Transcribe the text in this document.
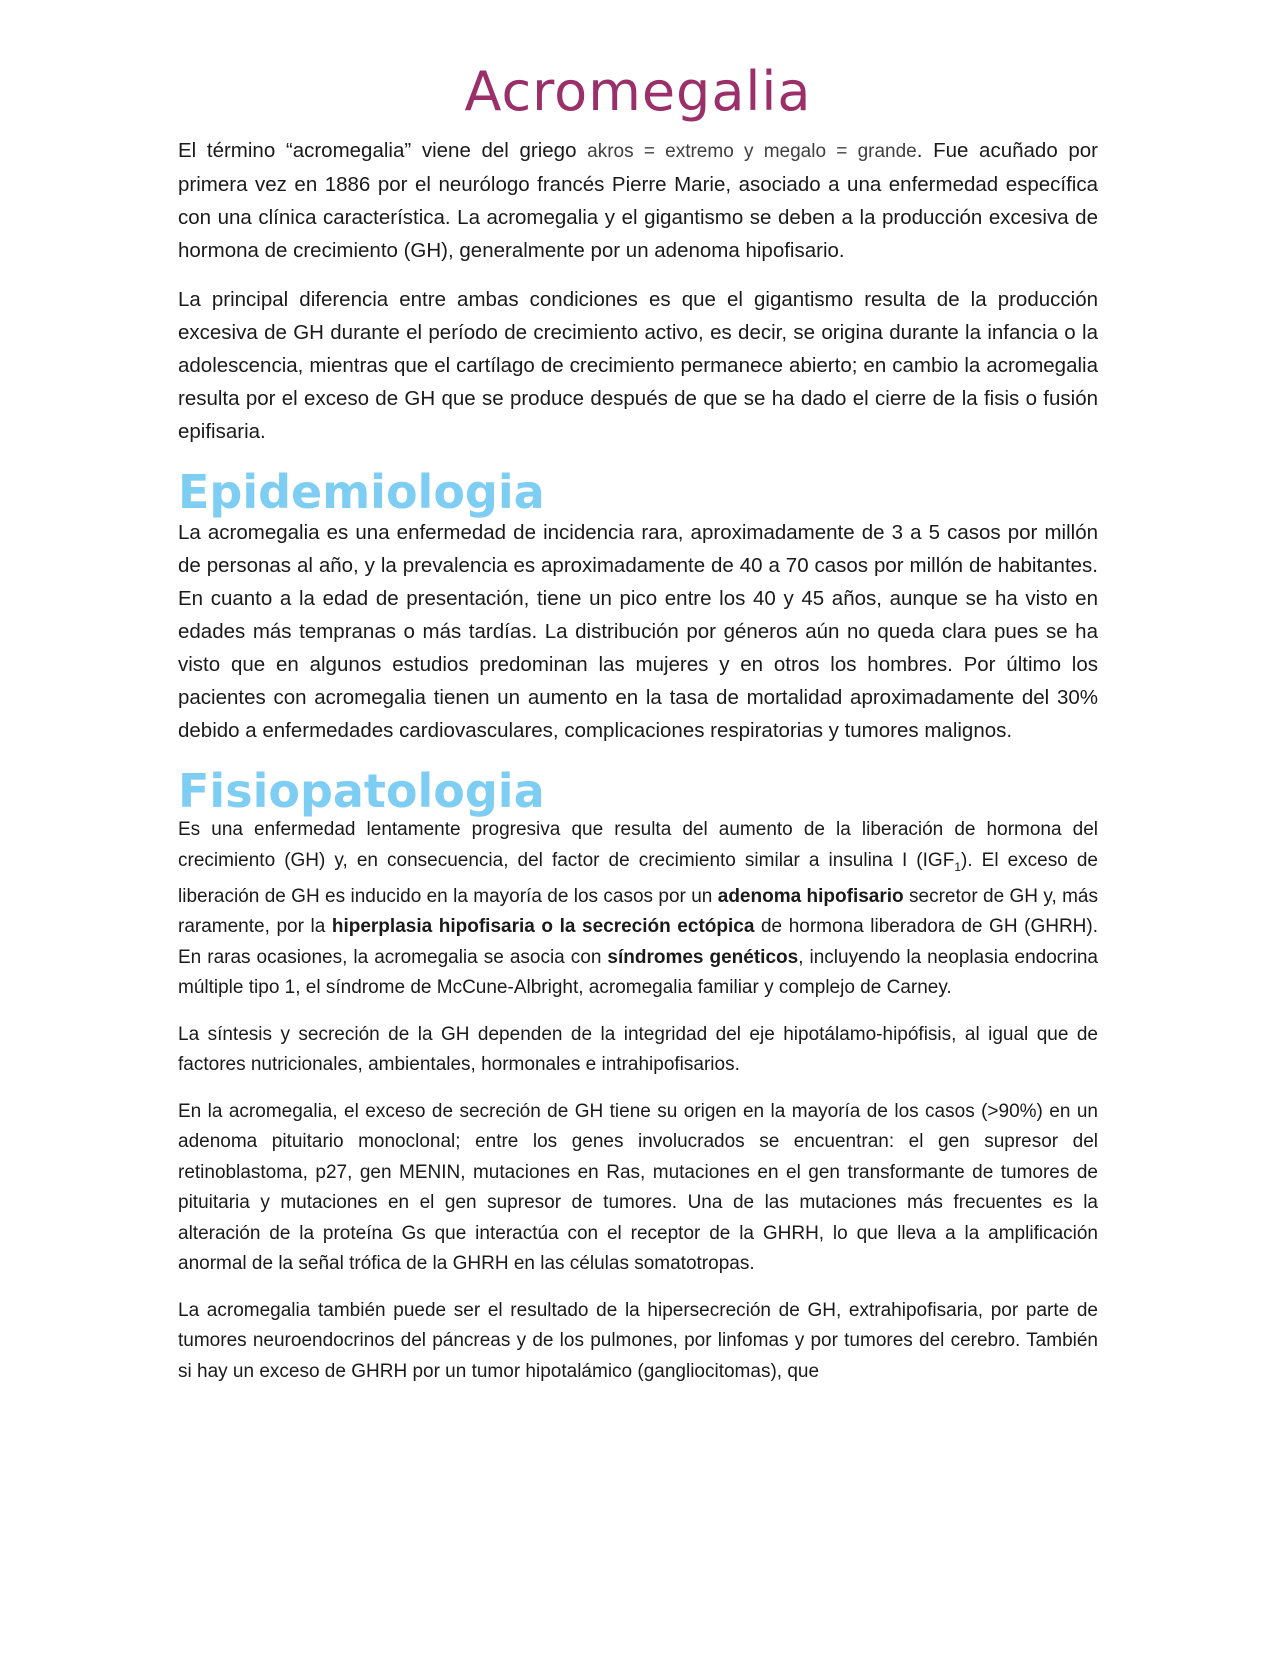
Acromegalia

El término “acromegalia” viene del griego akros = extremo y megalo = grande. Fue acuñado por primera vez en 1886 por el neurólogo francés Pierre Marie, asociado a una enfermedad específica con una clínica característica. La acromegalia y el gigantismo se deben a la producción excesiva de hormona de crecimiento (GH), generalmente por un adenoma hipofisario.

La principal diferencia entre ambas condiciones es que el gigantismo resulta de la producción excesiva de GH durante el período de crecimiento activo, es decir, se origina durante la infancia o la adolescencia, mientras que el cartílago de crecimiento permanece abierto; en cambio la acromegalia resulta por el exceso de GH que se produce después de que se ha dado el cierre de la fisis o fusión epifisaria.

Epidemiologia

La acromegalia es una enfermedad de incidencia rara, aproximadamente de 3 a 5 casos por millón de personas al año, y la prevalencia es aproximadamente de 40 a 70 casos por millón de habitantes. En cuanto a la edad de presentación, tiene un pico entre los 40 y 45 años, aunque se ha visto en edades más tempranas o más tardías. La distribución por géneros aún no queda clara pues se ha visto que en algunos estudios predominan las mujeres y en otros los hombres. Por último los pacientes con acromegalia tienen un aumento en la tasa de mortalidad aproximadamente del 30% debido a enfermedades cardiovasculares, complicaciones respiratorias y tumores malignos.

Fisiopatologia

Es una enfermedad lentamente progresiva que resulta del aumento de la liberación de hormona del crecimiento (GH) y, en consecuencia, del factor de crecimiento similar a insulina I $(IGF_1)$. El exceso de liberación de GH es inducido en la mayoría de los casos por un adenoma hipofisario secretor de GH y, más raramente, por la hiperplasia hipofisaria o la secreción ectópica de hormona liberadora de GH (GHRH). En raras ocasiones, la acromegalia se asocia con síndromes genéticos, incluyendo la neoplasia endocrina múltiple tipo 1, el síndrome de McCune-Albright, acromegalia familiar y complejo de Carney.

La síntesis y secreción de la GH dependen de la integridad del eje hipotálamo-hipófisis, al igual que de factores nutricionales, ambientales, hormonales e intrahipofisarios.

En la acromegalia, el exceso de secreción de GH tiene su origen en la mayoría de los casos (>90%) en un adenoma pituitario monoclonal; entre los genes involucrados se encuentran: el gen supresor del retinoblastoma, p27, gen MENIN, mutaciones en Ras, mutaciones en el gen transformante de tumores de pituitaria y mutaciones en el gen supresor de tumores. Una de las mutaciones más frecuentes es la alteración de la proteína Gs que interactúa con el receptor de la GHRH, lo que lleva a la amplificación anormal de la señal trófica de la GHRH en las células somatotropas.

La acromegalia también puede ser el resultado de la hipersecreción de GH, extrahipofisaria, por parte de tumores neuroendocrinos del páncreas y de los pulmones, por linfomas y por tumores del cerebro. También si hay un exceso de GHRH por un tumor hipotalámico (gangliocitomas), que
